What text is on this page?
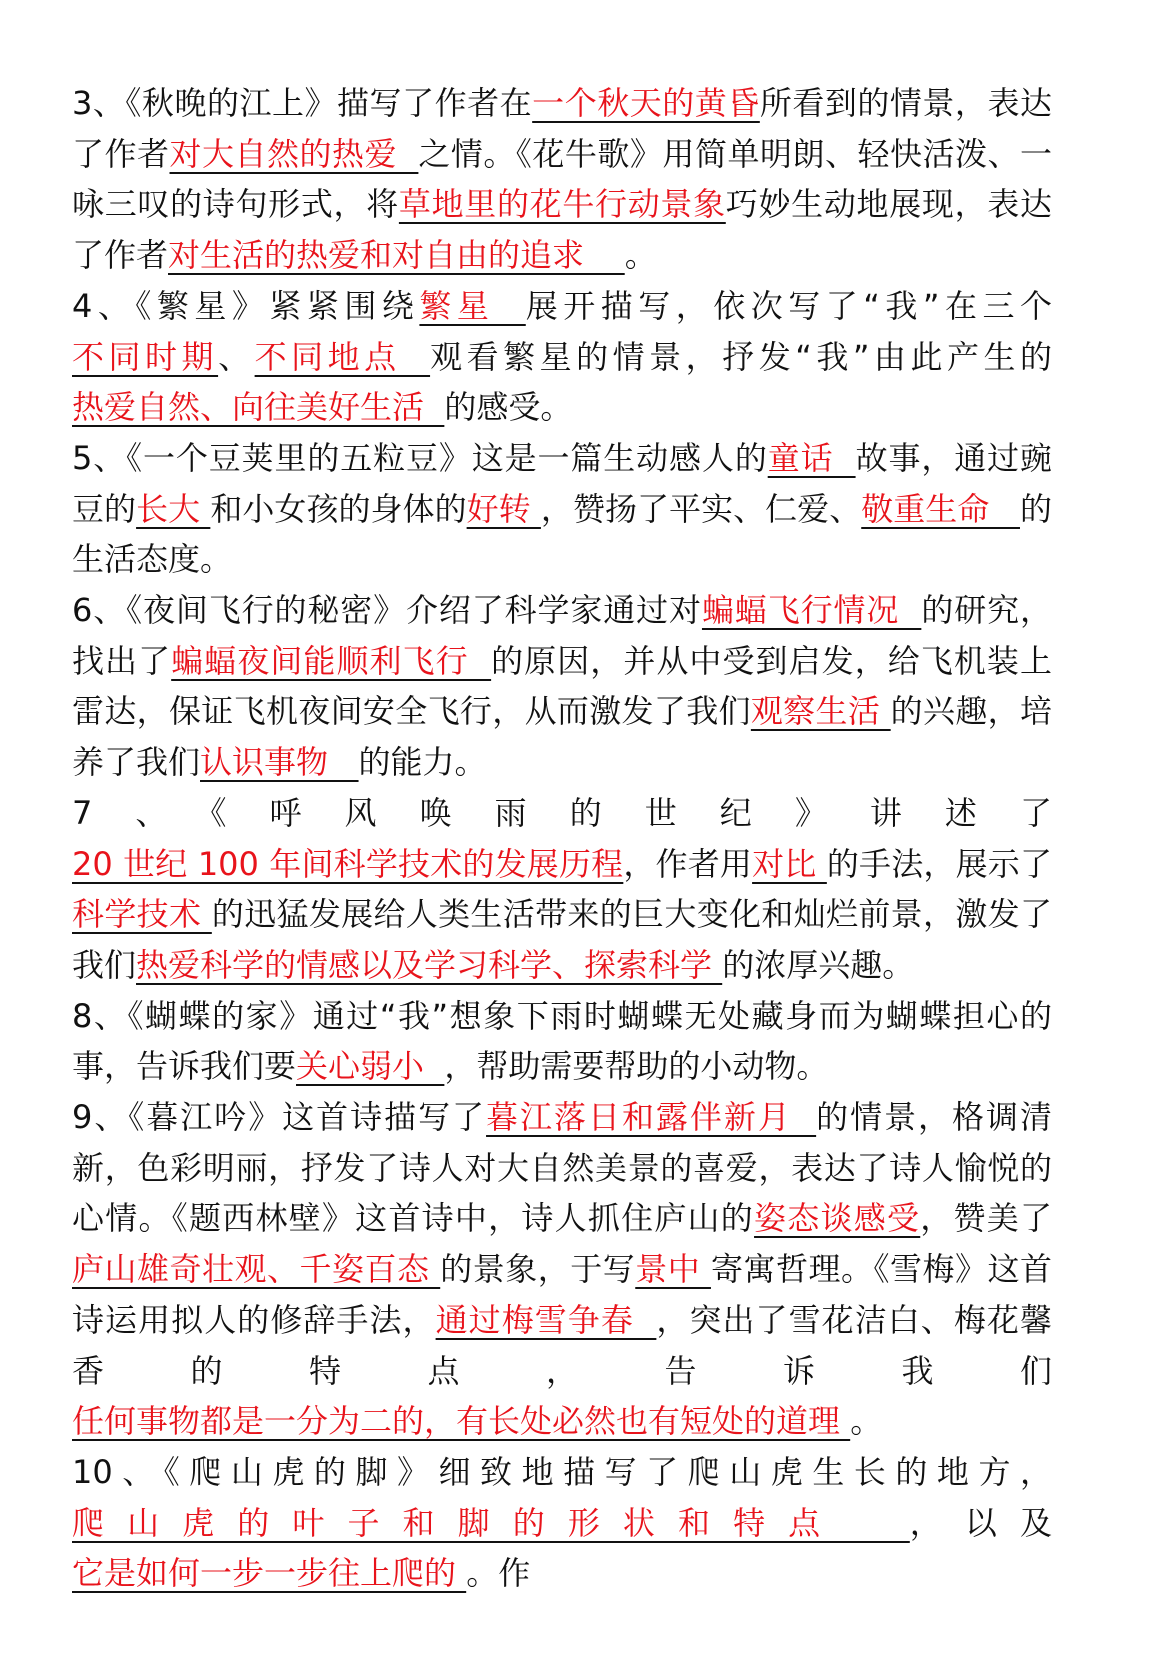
3、《秋晚的江上》描写了作者在一个秋天的黄昏所看到的情景，表达了作者对大自然的热爱  之情。《花牛歌》用简单明朗、轻快活泼、一咏三叹的诗句形式，将草地里的花牛行动景象巧妙生动地展现，表达了作者对生活的热爱和对自由的追求    。

4、《繁星》紧紧围绕繁星  展开描写，依次写了“我”在三个不同时期、不同地点  观看繁星的情景，抒发“我”由此产生的热爱自然、向往美好生活  的感受。

5、《一个豆荚里的五粒豆》这是一篇生动感人的童话  故事，通过豌豆的长大 和小女孩的身体的好转 ，赞扬了平实、仁爱、敬重生命   的生活态度。

6、《夜间飞行的秘密》介绍了科学家通过对蝙蝠飞行情况  的研究，找出了蝙蝠夜间能顺利飞行  的原因，并从中受到启发，给飞机装上雷达，保证飞机夜间安全飞行，从而激发了我们观察生活 的兴趣，培养了我们认识事物   的能力。

7、《呼风唤雨的世纪》讲述了 20 世纪 100 年间科学技术的发展历程，作者用对比 的手法，展示了科学技术 的迅猛发展给人类生活带来的巨大变化和灿烂前景，激发了我们热爱科学的情感以及学习科学、探索科学 的浓厚兴趣。

8、《蝴蝶的家》通过“我”想象下雨时蝴蝶无处藏身而为蝴蝶担心的事，告诉我们要关心弱小  ，帮助需要帮助的小动物。

9、《暮江吟》这首诗描写了暮江落日和露伴新月  的情景，格调清新，色彩明丽，抒发了诗人对大自然美景的喜爱，表达了诗人愉悦的心情。《题西林壁》这首诗中，诗人抓住庐山的姿态谈感受，赞美了庐山雄奇壮观、千姿百态 的景象，于写景中 寄寓哲理。《雪梅》这首诗运用拟人的修辞手法，通过梅雪争春  ，突出了雪花洁白、梅花馨香的特点，告诉我们任何事物都是一分为二的，有长处必然也有短处的道理 。

10、《爬山虎的脚》细致地描写了爬山虎生长的地方，爬山虎的叶子和脚的形状和特点  ，以及它是如何一步一步往上爬的 。作
